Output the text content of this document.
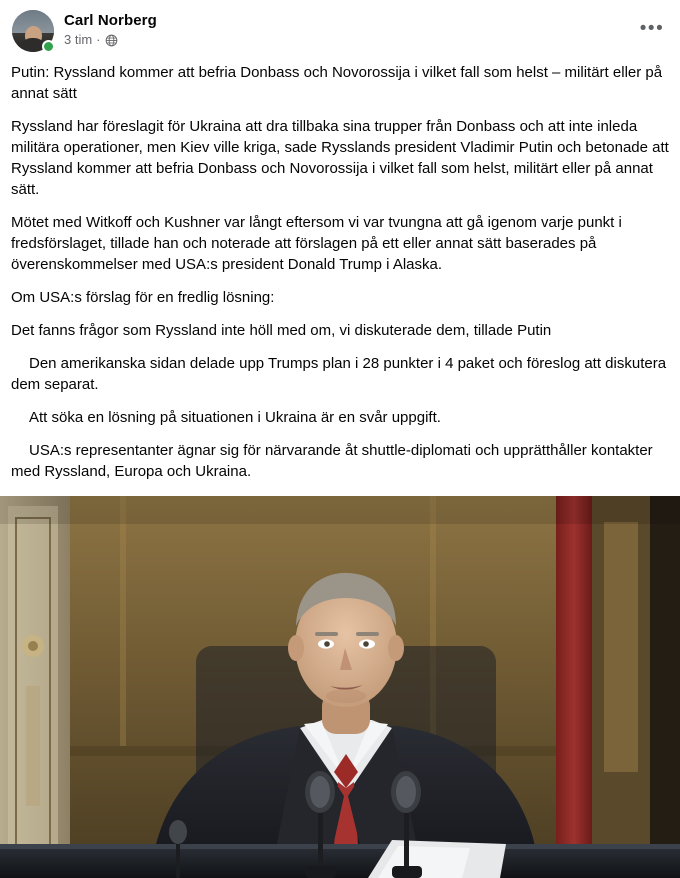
Carl Norberg
3 tim ·
•••

Putin: Ryssland kommer att befria Donbass och Novorossija i vilket fall som helst – militärt eller på annat sätt

Ryssland har föreslagit för Ukraina att dra tillbaka sina trupper från Donbass och att inte inleda militära operationer, men Kiev ville kriga, sade Rysslands president Vladimir Putin och betonade att Ryssland kommer att befria Donbass och Novorossija i vilket fall som helst, militärt eller på annat sätt.

Mötet med Witkoff och Kushner var långt eftersom vi var tvungna att gå igenom varje punkt i fredsförslaget, tillade han och noterade att förslagen på ett eller annat sätt baserades på överenskommelser med USA:s president Donald Trump i Alaska.

Om USA:s förslag för en fredlig lösning:

Det fanns frågor som Ryssland inte höll med om, vi diskuterade dem, tillade Putin

Den amerikanska sidan delade upp Trumps plan i 28 punkter i 4 paket och föreslog att diskutera dem separat.

Att söka en lösning på situationen i Ukraina är en svår uppgift.

USA:s representanter ägnar sig för närvarande åt shuttle-diplomati och upprätthåller kontakter med Ryssland, Europa och Ukraina.
